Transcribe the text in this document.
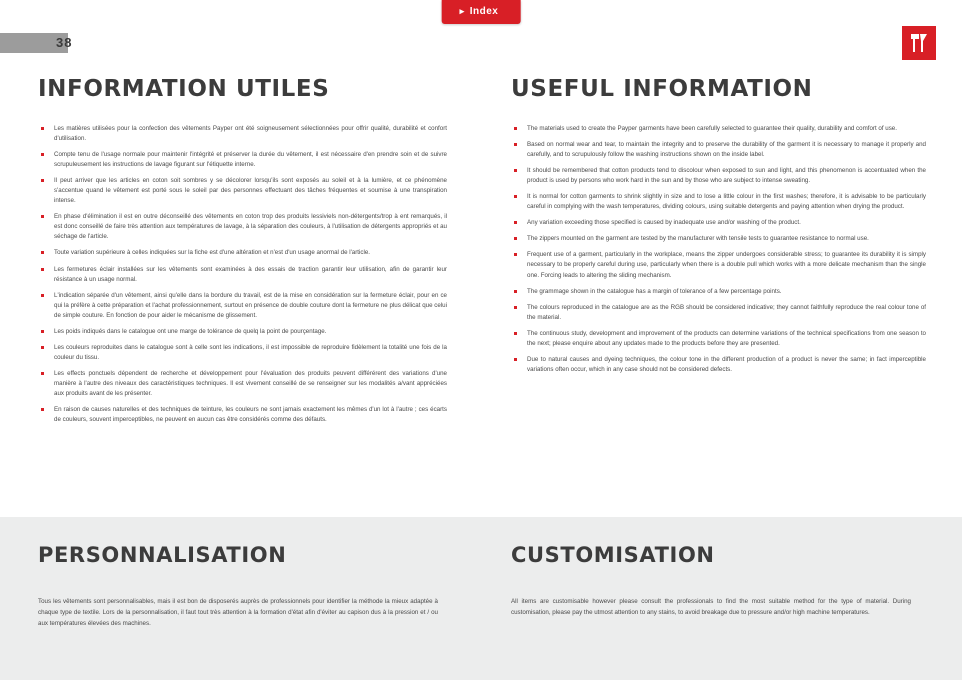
▸ Index
38
INFORMATION UTILES
Les matières utilisées pour la confection des vêtements Payper ont été soigneusement sélectionnées pour offrir qualité, durabilité et confort d'utilisation.
Compte tenu de l'usage normale pour maintenir l'intégrité et préserver la durée du vêtement, il est nécessaire d'en prendre soin et de suivre scrupuleusement les instructions de lavage figurant sur l'étiquette interne.
Il peut arriver que les articles en coton soit sombres y se décolorer lorsqu'ils sont exposés au soleil et à la lumière, et ce phénomène s'accentue quand le vêtement est porté sous le soleil par des personnes effectuant des tâches fréquentes et soumise à une transpiration intense.
En phase d'élimination il est en outre déconseillé des vêtements en coton trop des produits lessiviels non-détergents/trop à ent remarqués, il est donc conseillé de faire très attention aux températures de lavage, à la séparation des couleurs, à l'utilisation de détergents appropriés et au séchage de l'article.
Toute variation supérieure à celles indiquées sur la fiche est d'une altération et n'est d'un usage anormal de l'article.
Les fermetures éclair installées sur les vêtements sont examinées à des essais de traction garantir leur utilisation, afin de garantir leur résistance à un usage normal.
L'indication séparée d'un vêtement, ainsi qu'elle dans la bordure du travail, est de la mise en considération sur la fermeture éclair, pour en ce qui la préfère à cette préparation et l'achat professionnement, surtout en présence de double couture dont la fermeture ne plus délicat que celui de simple couture. En fonction de pour aider le mécanisme de glissement.
Les poids indiqués dans le catalogue ont une marge de tolérance de quelq la point de pourçentage.
Les couleurs reproduites dans le catalogue sont à celle sont les indications, il est impossible de reproduire fidèlement la totalité une fois de la couleur du tissu.
Les effects ponctuels dépendent de recherche et développement pour l'évaluation des produits peuvent différérent des variations d'une manière à l'autre des niveaux des caractéristiques techniques. Il est vivement conseillé de se renseigner sur les modalités a/vant appréciées aux produits avant de les présenter.
En raison de causes naturelles et des techniques de teinture, les couleurs ne sont jamais exactement les mêmes d'un lot à l'autre ; ces écarts de couleurs, souvent imperceptibles, ne peuvent en aucun cas être considérés comme des défauts.
USEFUL INFORMATION
The materials used to create the Payper garments have been carefully selected to guarantee their quality, durability and comfort of use.
Based on normal wear and tear, to maintain the integrity and to preserve the durability of the garment it is necessary to manage it properly and carefully, and to scrupulously follow the washing instructions shown on the inside label.
It should be remembered that cotton products tend to discolour when exposed to sun and light, and this phenomenon is accentuated when the product is used by persons who work hard in the sun and by those who are subject to intense sweating.
It is normal for cotton garments to shrink slightly in size and to lose a little colour in the first washes; therefore, it is advisable to be particularly careful in complying with the wash temperatures, dividing colours, using suitable detergents and paying attention when drying the product.
Any variation exceeding those specified is caused by inadequate use and/or washing of the product.
The zippers mounted on the garment are tested by the manufacturer with tensile tests to guarantee resistance to normal use.
Frequent use of a garment, particularly in the workplace, means the zipper undergoes considerable stress; to guarantee its durability it is simply necessary to be properly careful during use, particularly when there is a double pull which works with a more delicate mechanism than the single one. Forcing leads to altering the sliding mechanism.
The grammage shown in the catalogue has a margin of tolerance of a few percentage points.
The colours reproduced in the catalogue are as the RGB should be considered indicative; they cannot faithfully reproduce the real colour tone of the material.
The continuous study, development and improvement of the products can determine variations of the technical specifications from one season to the next; please enquire about any updates made to the products before they are presented.
Due to natural causes and dyeing techniques, the colour tone in the different production of a product is never the same; in fact imperceptible variations often occur, which in any case should not be considered defects.
PERSONNALISATION

Tous les vêtements sont personnalisables, mais il est bon de disposerés auprès de professionnels pour identifier la méthode la mieux adaptée à chaque type de textile. Lors de la personnalisation, il faut tout très attention à la formation d'état afin d'éviter au capison dus à la pression et / ou aux températures élevées des machines.

CUSTOMISATION

All items are customisable however please consult the professionals to find the most suitable method for the type of material. During customisation, please pay the utmost attention to any stains, to avoid breakage due to pressure and/or high machine temperatures.
